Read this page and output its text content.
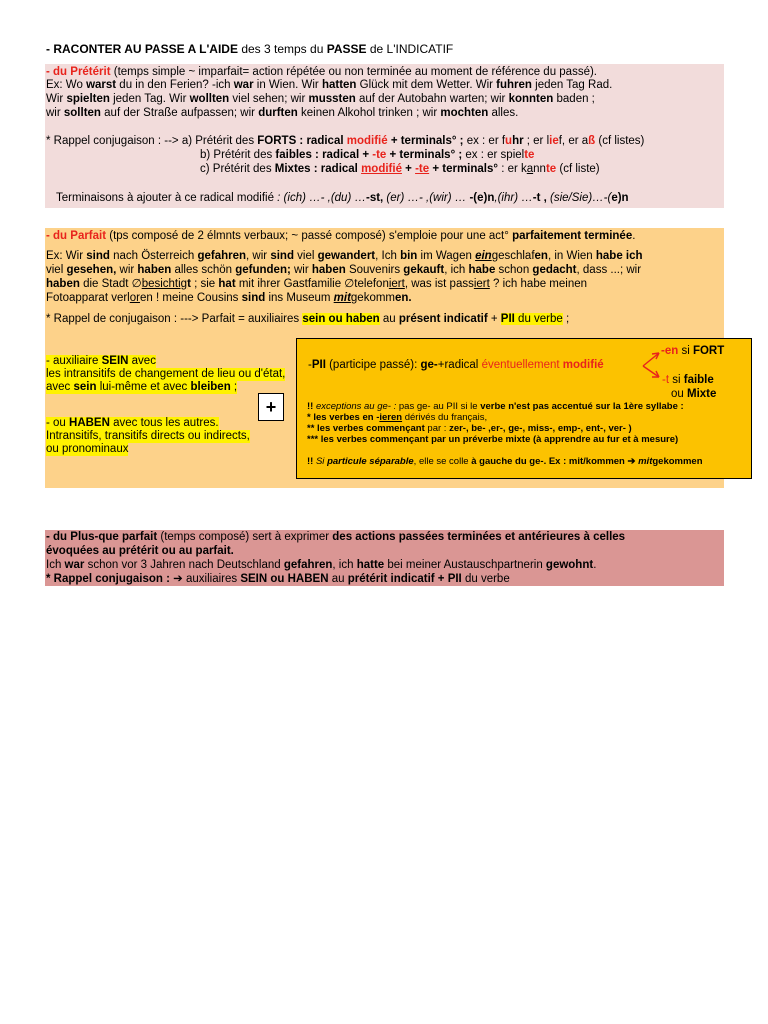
- RACONTER AU PASSE A L'AIDE des 3 temps du PASSE de L'INDICATIF
- du Prétérit (temps simple ~ imparfait= action répétée ou non terminée au moment de référence du passé).
Ex: Wo warst du in den Ferien? -ich war in Wien. Wir hatten Glück mit dem Wetter. Wir fuhren jeden Tag Rad.
Wir spielten jeden Tag. Wir wollten viel sehen; wir mussten auf der Autobahn warten; wir konnten baden ;
wir sollten auf der Straße aufpassen; wir durften keinen Alkohol trinken ; wir mochten alles.
* Rappel conjugaison : --> a) Prétérit des FORTS : radical modifié + terminals° ; ex : er fuhr ; er lief, er aß (cf listes)
b) Prétérit des faibles : radical + -te + terminals° ; ex : er spielte
c) Prétérit des Mixtes : radical modifié + -te + terminals° : er kannte (cf liste)
Terminaisons à ajouter à ce radical modifié : (ich) …- ,(du) …-st, (er) …- ,(wir) … -(e)n,(ihr) …-t , (sie/Sie)…-(e)n
- du Parfait (tps composé de 2 élmnts verbaux; ~ passé composé) s'emploie pour une act° parfaitement terminée.
Ex: Wir sind nach Österreich gefahren, wir sind viel gewandert, Ich bin im Wagen eingeschlafen, in Wien habe ich
viel gesehen, wir haben alles schön gefunden; wir haben Souvenirs gekauft, ich habe schon gedacht, dass ...; wir
haben die Stadt ∅besichtigt ; sie hat mit ihrer Gastfamilie ∅telefoniert, was ist passiert ? ich habe meinen
Fotoapparat verloren ! meine Cousins sind ins Museum mitgekommen.
* Rappel de conjugaison : ---> Parfait = auxiliaires sein ou haben au présent indicatif + PII du verbe ;
- auxiliaire SEIN avec
les intransitifs de changement de lieu ou d'état,
avec sein lui-même et avec bleiben ;
- ou HABEN avec tous les autres.
Intransitifs, transitifs directs ou indirects,
ou pronominaux
+
-en si FORT
-PII (participe passé): ge-+radical éventuellement modifié
-t si faible
ou Mixte
!! exceptions au ge- : pas ge- au PII si le verbe n'est pas accentué sur la 1ère syllabe :
* les verbes en -ieren dérivés du français,
** les verbes commençant par : zer-, be- ,er-, ge-, miss-, emp-, ent-, ver- )
*** les verbes commençant par un préverbe mixte (à apprendre au fur et à mesure)
!! Si particule séparable, elle se colle à gauche du ge-. Ex : mit/kommen ➔ mitgekommen
- du Plus-que parfait (temps composé) sert à exprimer des actions passées terminées et antérieures à celles
évoquées au prétérit ou au parfait.
Ich war schon vor 3 Jahren nach Deutschland gefahren, ich hatte bei meiner Austauschpartnerin gewohnt.
* Rappel conjugaison : ➔ auxiliaires SEIN ou HABEN au prétérit indicatif + PII du verbe
